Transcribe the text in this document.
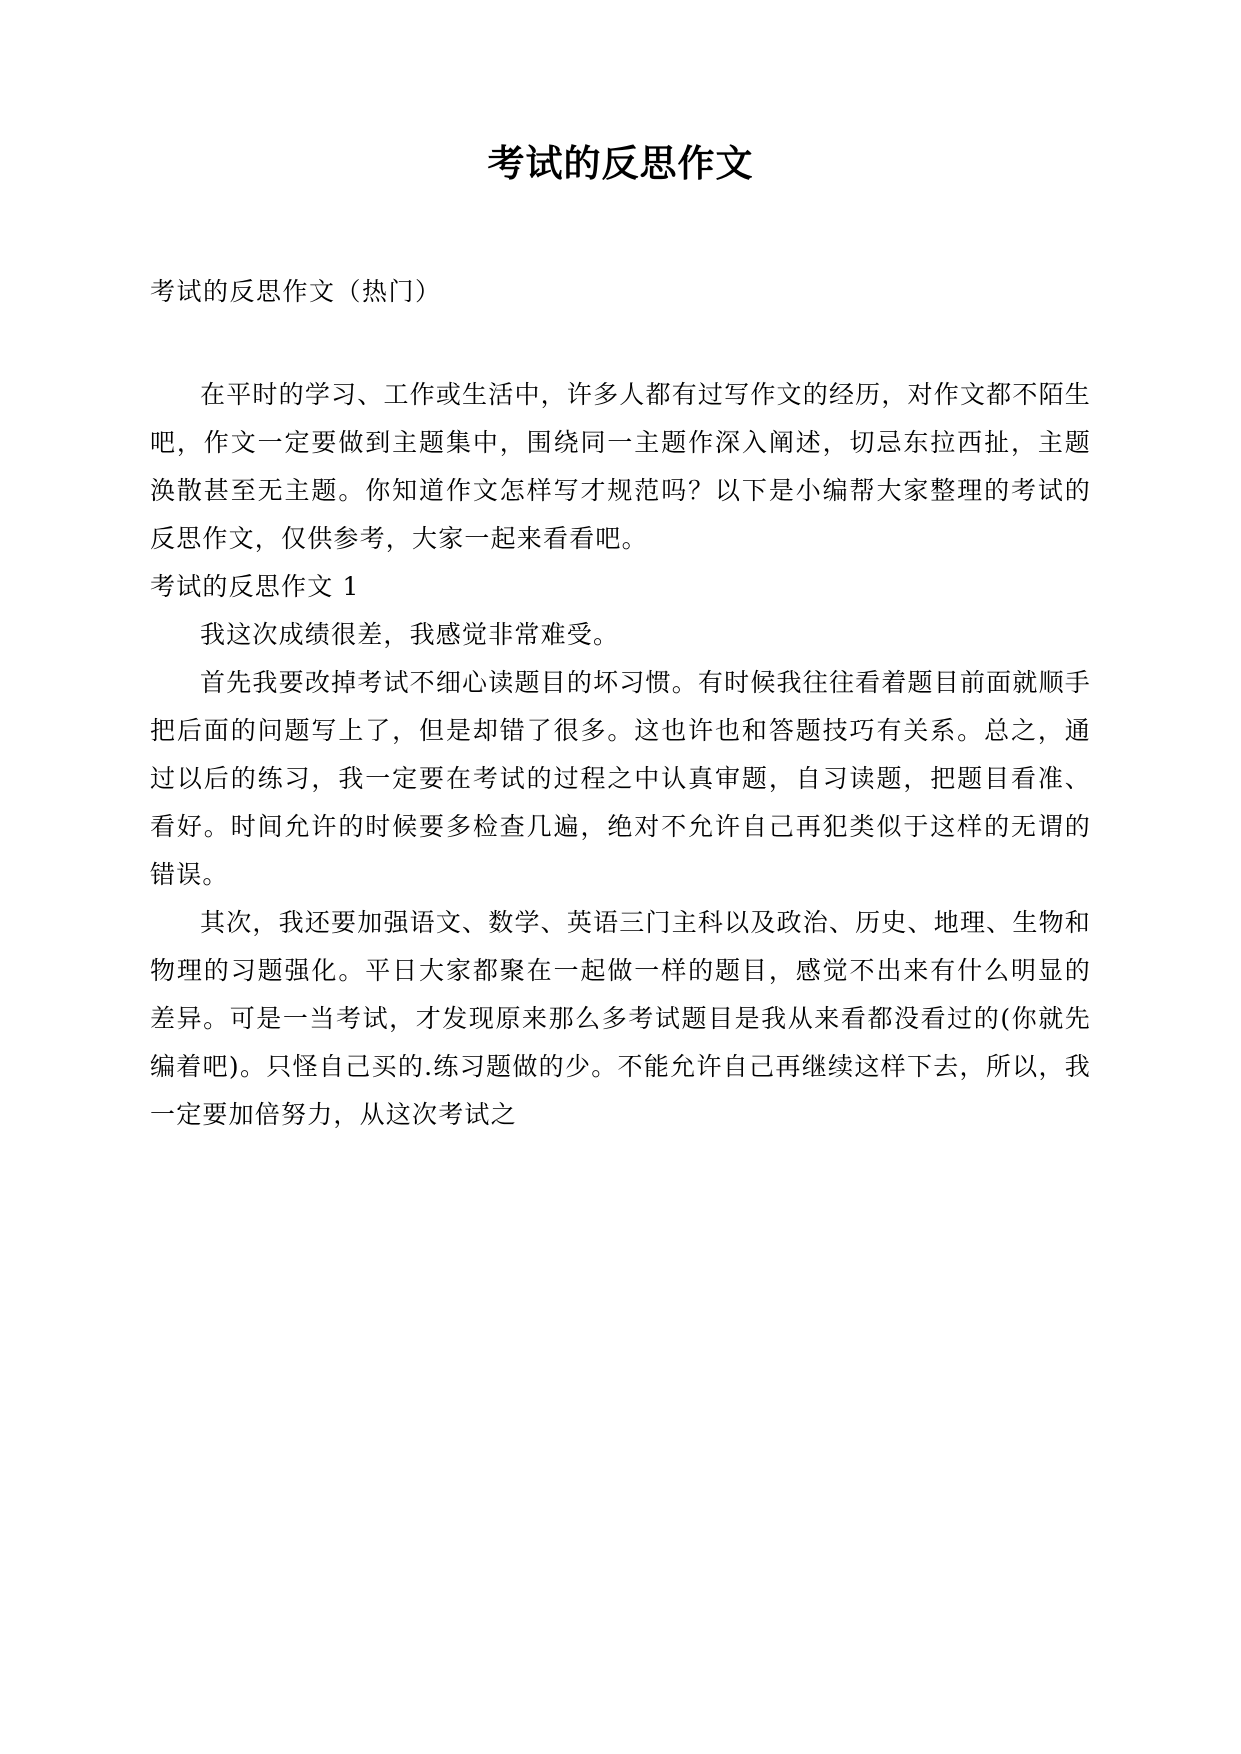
考试的反思作文

考试的反思作文（热门）

在平时的学习、工作或生活中，许多人都有过写作文的经历，对作文都不陌生吧，作文一定要做到主题集中，围绕同一主题作深入阐述，切忌东拉西扯，主题涣散甚至无主题。你知道作文怎样写才规范吗？以下是小编帮大家整理的考试的反思作文，仅供参考，大家一起来看看吧。

考试的反思作文 1

我这次成绩很差，我感觉非常难受。

首先我要改掉考试不细心读题目的坏习惯。有时候我往往看着题目前面就顺手把后面的问题写上了，但是却错了很多。这也许也和答题技巧有关系。总之，通过以后的练习，我一定要在考试的过程之中认真审题，自习读题，把题目看准、看好。时间允许的时候要多检查几遍，绝对不允许自己再犯类似于这样的无谓的错误。

其次，我还要加强语文、数学、英语三门主科以及政治、历史、地理、生物和物理的习题强化。平日大家都聚在一起做一样的题目，感觉不出来有什么明显的差异。可是一当考试，才发现原来那么多考试题目是我从来看都没看过的(你就先编着吧)。只怪自己买的.练习题做的少。不能允许自己再继续这样下去，所以，我一定要加倍努力，从这次考试之
